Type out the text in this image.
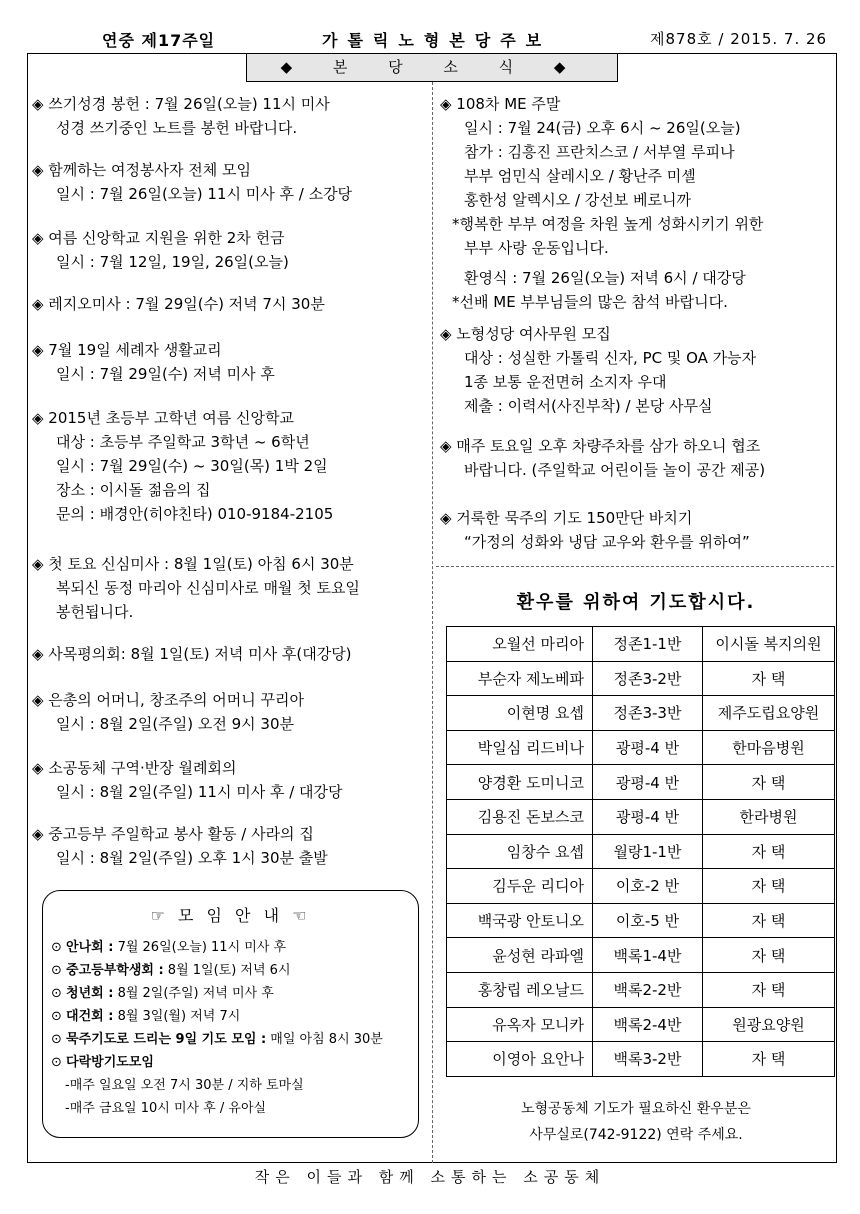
연중 제17주일	가톨릭노형본당주보	제878호 / 2015. 7. 26
◆ 본 당 소 식 ◆
◈ 쓰기성경 봉헌 : 7월 26일(오늘) 11시 미사
성경 쓰기중인 노트를 봉헌 바랍니다.
◈ 함께하는 여정봉사자 전체 모임
일시 : 7월 26일(오늘) 11시 미사 후 / 소강당
◈ 여름 신앙학교 지원을 위한 2차 헌금
일시 : 7월 12일, 19일, 26일(오늘)
◈ 레지오미사 : 7월 29일(수) 저녁 7시 30분
◈ 7월 19일 세례자 생활교리
일시 : 7월 29일(수) 저녁 미사 후
◈ 2015년 초등부 고학년 여름 신앙학교
대상 : 초등부 주일학교 3학년 ~ 6학년
일시 : 7월 29일(수) ~ 30일(목) 1박 2일
장소 : 이시돌 젊음의 집
문의 : 배경안(히야친타) 010-9184-2105
◈ 첫 토요 신심미사 : 8월 1일(토) 아침 6시 30분
복되신 동정 마리아 신심미사로 매월 첫 토요일
봉헌됩니다.
◈ 사목평의회: 8월 1일(토) 저녁 미사 후(대강당)
◈ 은총의 어머니, 창조주의 어머니 꾸리아
일시 : 8월 2일(주일) 오전 9시 30분
◈ 소공동체 구역·반장 월례회의
일시 : 8월 2일(주일) 11시 미사 후 / 대강당
◈ 중고등부 주일학교 봉사 활동 / 사라의 집
일시 : 8월 2일(주일) 오후 1시 30분 출발
◈ 108차 ME 주말
일시 : 7월 24(금) 오후 6시 ~ 26일(오늘)
참가 : 김흥진 프란치스코 / 서부열 루피나
부부 엄민식 살레시오 / 황난주 미셸
홍한성 알렉시오 / 강선보 베로니까
*행복한 부부 여정을 차원 높게 성화시키기 위한
부부 사랑 운동입니다.
환영식 : 7월 26일(오늘) 저녁 6시 / 대강당
*선배 ME 부부님들의 많은 참석 바랍니다.
◈ 노형성당 여사무원 모집
대상 : 성실한 가톨릭 신자, PC 및 OA 가능자
1종 보통 운전면허 소지자 우대
제출 : 이력서(사진부착) / 본당 사무실
◈ 매주 토요일 오후 차량주차를 삼가 하오니 협조
바랍니다. (주일학교 어린이들 놀이 공간 제공)
◈ 거룩한 묵주의 기도 150만단 바치기
“가정의 성화와 냉담 교우와 환우를 위하여”
☞ 모 임 안 내 ☜
⊙ 안나회 : 7월 26일(오늘) 11시 미사 후
⊙ 중고등부학생회 : 8월 1일(토) 저녁 6시
⊙ 청년회 : 8월 2일(주일) 저녁 미사 후
⊙ 대건회 : 8월 3일(월) 저녁 7시
⊙ 묵주기도로 드리는 9일 기도 모임 : 매일 아침 8시 30분
⊙ 다락방기도모임
-매주 일요일 오전 7시 30분 / 지하 토마실
-매주 금요일 10시 미사 후 / 유아실
환우를 위하여 기도합시다.
오월선 마리아	정존1-1반	이시돌 복지의원
부순자 제노베파	정존3-2반	자 택
이현명 요셉	정존3-3반	제주도립요양원
박일심 리드비나	광평-4 반	한마음병원
양경환 도미니코	광평-4 반	자 택
김용진 돈보스코	광평-4 반	한라병원
임창수 요셉	월랑1-1반	자 택
김두운 리디아	이호-2 반	자 택
백국광 안토니오	이호-5 반	자 택
윤성현 라파엘	백록1-4반	자 택
홍창립 레오날드	백록2-2반	자 택
유옥자 모니카	백록2-4반	원광요양원
이영아 요안나	백록3-2반	자 택
노형공동체 기도가 필요하신 환우분은
사무실로(742-9122) 연락 주세요.
작은 이들과 함께 소통하는 소공동체
